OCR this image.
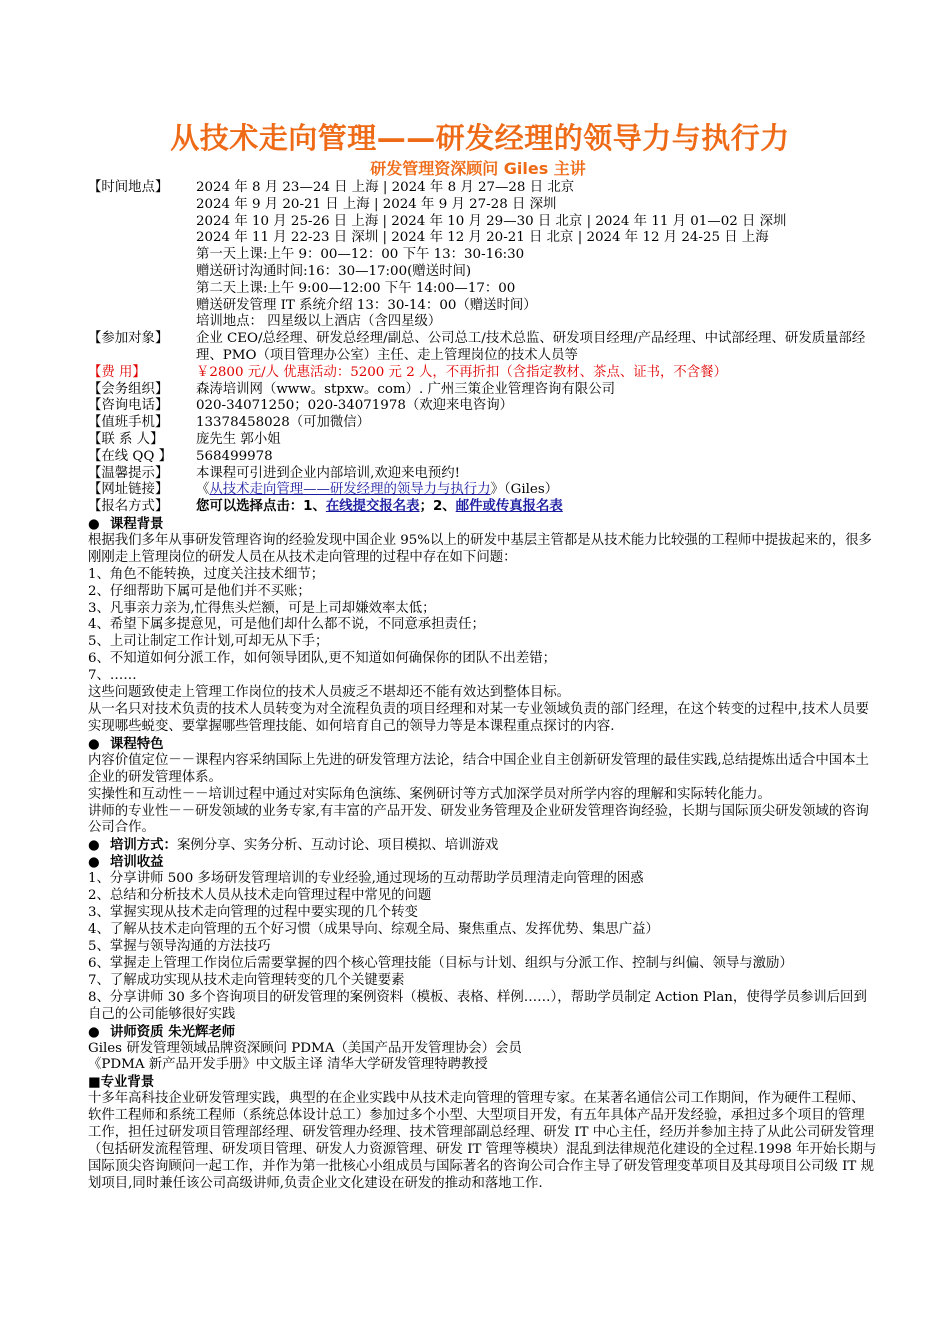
从技术走向管理——研发经理的领导力与执行力
研发管理资深顾问 Giles 主讲
【时间地点】	2024 年 8 月 23—24 日 上海 | 2024 年 8 月 27—28 日 北京
2024 年 9 月 20-21 日 上海 | 2024 年 9 月 27-28 日 深圳
2024 年 10 月 25-26 日 上海 | 2024 年 10 月 29—30 日 北京 | 2024 年 11 月 01—02 日 深圳
2024 年 11 月 22-23 日 深圳 | 2024 年 12 月 20-21 日 北京 | 2024 年 12 月 24-25 日 上海
第一天上课:上午 9：00—12：00 下午 13：30-16:30
赠送研讨沟通时间:16：30—17:00(赠送时间)
第二天上课:上午 9:00—12:00 下午 14:00—17：00
赠送研发管理 IT 系统介绍 13：30-14：00（赠送时间）
培训地点： 四星级以上酒店（含四星级）
【参加对象】	企业 CEO/总经理、研发总经理/副总、公司总工/技术总监、研发项目经理/产品经理、中试部经理、研发质量部经理、PMO（项目管理办公室）主任、走上管理岗位的技术人员等
【费 用】	￥2800 元/人 优惠活动：5200 元 2 人，不再折扣（含指定教材、茶点、证书，不含餐）
【会务组织】	森涛培训网（www。stpxw。com）. 广州三策企业管理咨询有限公司
【咨询电话】	020-34071250；020-34071978（欢迎来电咨询）
【值班手机】	13378458028（可加微信）
【联 系 人】	庞先生 郭小姐
【在线 QQ 】	568499978
【温馨提示】	本课程可引进到企业内部培训,欢迎来电预约!
【网址链接】	《从技术走向管理——研发经理的领导力与执行力》（Giles）
【报名方式】	您可以选择点击：1、在线提交报名表；2、邮件或传真报名表
● 课程背景
根据我们多年从事研发管理咨询的经验发现中国企业 95%以上的研发中基层主管都是从技术能力比较强的工程师中提拔起来的，很多刚刚走上管理岗位的研发人员在从技术走向管理的过程中存在如下问题：
1、角色不能转换，过度关注技术细节；
2、仔细帮助下属可是他们并不买账；
3、凡事亲力亲为,忙得焦头烂额，可是上司却嫌效率太低；
4、希望下属多提意见，可是他们却什么都不说，不同意承担责任；
5、上司让制定工作计划,可却无从下手；
6、不知道如何分派工作，如何领导团队,更不知道如何确保你的团队不出差错；
7、……
这些问题致使走上管理工作岗位的技术人员疲乏不堪却还不能有效达到整体目标。
从一名只对技术负责的技术人员转变为对全流程负责的项目经理和对某一专业领域负责的部门经理，在这个转变的过程中,技术人员要实现哪些蜕变、要掌握哪些管理技能、如何培育自己的领导力等是本课程重点探讨的内容.
● 课程特色
内容价值定位－－课程内容采纳国际上先进的研发管理方法论，结合中国企业自主创新研发管理的最佳实践,总结提炼出适合中国本土企业的研发管理体系。
实操性和互动性－－培训过程中通过对实际角色演练、案例研讨等方式加深学员对所学内容的理解和实际转化能力。
讲师的专业性－－研发领域的业务专家,有丰富的产品开发、研发业务管理及企业研发管理咨询经验，长期与国际顶尖研发领域的咨询公司合作。
● 培训方式：案例分享、实务分析、互动讨论、项目模拟、培训游戏
● 培训收益
1、分享讲师 500 多场研发管理培训的专业经验,通过现场的互动帮助学员理清走向管理的困惑
2、总结和分析技术人员从技术走向管理过程中常见的问题
3、掌握实现从技术走向管理的过程中要实现的几个转变
4、了解从技术走向管理的五个好习惯（成果导向、综观全局、聚焦重点、发挥优势、集思广益）
5、掌握与领导沟通的方法技巧
6、掌握走上管理工作岗位后需要掌握的四个核心管理技能（目标与计划、组织与分派工作、控制与纠偏、领导与激励）
7、了解成功实现从技术走向管理转变的几个关键要素
8、分享讲师 30 多个咨询项目的研发管理的案例资料（模板、表格、样例……），帮助学员制定 Action Plan，使得学员参训后回到自己的公司能够很好实践
● 讲师资质 朱光辉老师
Giles 研发管理领域品牌资深顾问 PDMA（美国产品开发管理协会）会员
《PDMA 新产品开发手册》中文版主译 清华大学研发管理特聘教授
■专业背景
十多年高科技企业研发管理实践，典型的在企业实践中从技术走向管理的管理专家。在某著名通信公司工作期间，作为硬件工程师、软件工程师和系统工程师（系统总体设计总工）参加过多个小型、大型项目开发，有五年具体产品开发经验，承担过多个项目的管理工作，担任过研发项目管理部经理、研发管理办经理、技术管理部副总经理、研发 IT 中心主任，经历并参加主持了从此公司研发管理（包括研发流程管理、研发项目管理、研发人力资源管理、研发 IT 管理等模块）混乱到法律规范化建设的全过程.1998 年开始长期与国际顶尖咨询顾问一起工作，并作为第一批核心小组成员与国际著名的咨询公司合作主导了研发管理变革项目及其母项目公司级 IT 规划项目,同时兼任该公司高级讲师,负责企业文化建设在研发的推动和落地工作.
